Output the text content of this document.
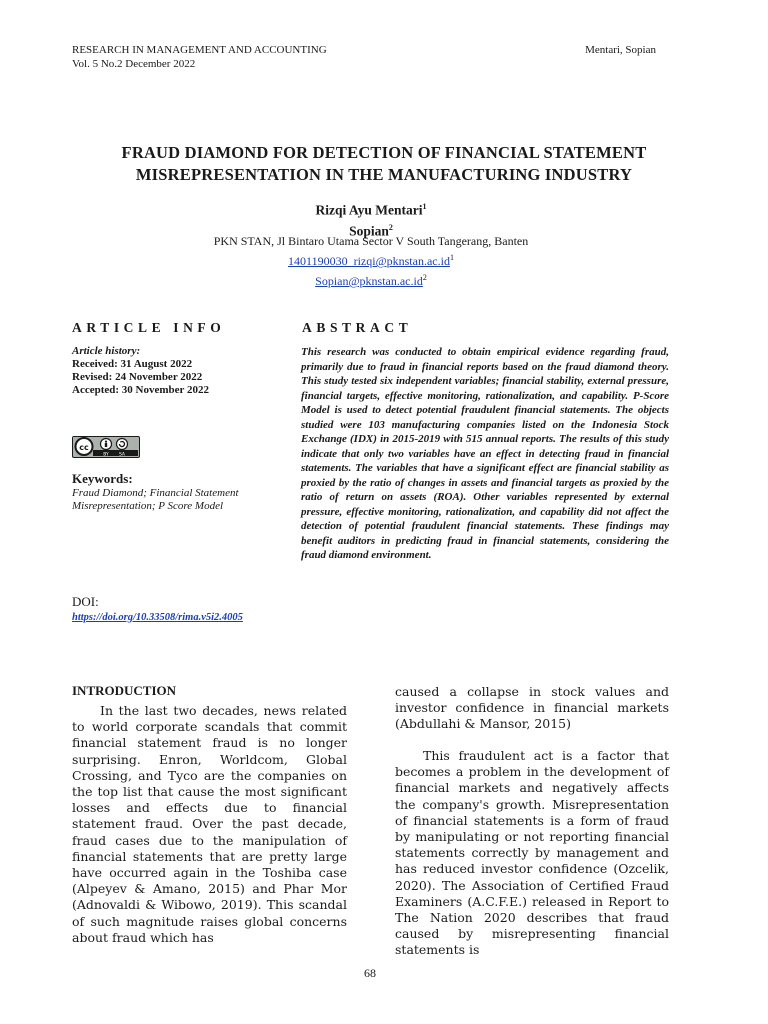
RESEARCH IN MANAGEMENT AND ACCOUNTING
Vol. 5 No.2 December 2022
Mentari, Sopian
FRAUD DIAMOND FOR DETECTION OF FINANCIAL STATEMENT
MISREPRESENTATION IN THE MANUFACTURING INDUSTRY
Rizqi Ayu Mentari$^1$
Sopian$^2$
PKN STAN, Jl Bintaro Utama Sector V South Tangerang, Banten
$1401190030\_rizqi@pknstan.ac.id^1$
$Sopian@pknstan.ac.id^2$
ARTICLE INFO	ABSTRACT
Article history:
Received: 31 August 2022
Revised: 24 November 2022
Accepted: 30 November 2022
cc
BY SA
Keywords:
Fraud Diamond; Financial Statement
Misrepresentation; P Score Model
DOI:
https://doi.org/10.33508/rima.v5i2.4005
This research was conducted to obtain empirical evidence regarding fraud, primarily due to fraud in financial reports based on the fraud diamond theory. This study tested six independent variables; financial stability, external pressure, financial targets, effective monitoring, rationalization, and capability. P-Score Model is used to detect potential fraudulent financial statements. The objects studied were 103 manufacturing companies listed on the Indonesia Stock Exchange (IDX) in 2015-2019 with 515 annual reports. The results of this study indicate that only two variables have an effect in detecting fraud in financial statements. The variables that have a significant effect are financial stability as proxied by the ratio of changes in assets and financial targets as proxied by the ratio of return on assets (ROA). Other variables represented by external pressure, effective monitoring, rationalization, and capability did not affect the detection of potential fraudulent financial statements. These findings may benefit auditors in predicting fraud in financial statements, considering the fraud diamond environment.
INTRODUCTION

In the last two decades, news related to world corporate scandals that commit financial statement fraud is no longer surprising. Enron, Worldcom, Global Crossing, and Tyco are the companies on the top list that cause the most significant losses and effects due to financial statement fraud. Over the past decade, fraud cases due to the manipulation of financial statements that are pretty large have occurred again in the Toshiba case (Alpeyev & Amano, 2015) and Phar Mor (Adnovaldi & Wibowo, 2019). This scandal of such magnitude raises global concerns about fraud which has

caused a collapse in stock values and investor confidence in financial markets (Abdullahi & Mansor, 2015)

This fraudulent act is a factor that becomes a problem in the development of financial markets and negatively affects the company's growth. Misrepresentation of financial statements is a form of fraud by manipulating or not reporting financial statements correctly by management and has reduced investor confidence (Ozcelik, 2020). The Association of Certified Fraud Examiners (A.C.F.E.) released in Report to The Nation 2020 describes that fraud caused by misrepresenting financial statements is

68
